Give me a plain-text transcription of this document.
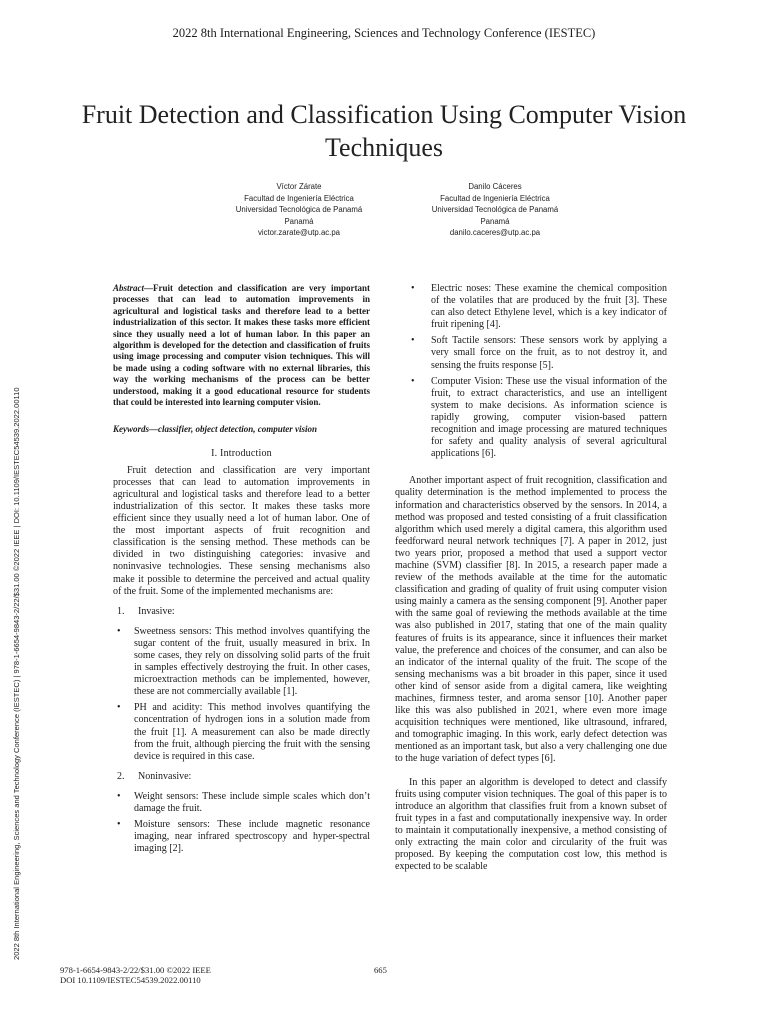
2022 8th International Engineering, Sciences and Technology Conference (IESTEC)
2022 8th International Engineering, Sciences and Technology Conference (IESTEC) | 978-1-6654-9843-2/22/$31.00 ©2022 IEEE | DOI: 10.1109/IESTEC54539.2022.00110
Fruit Detection and Classification Using Computer Vision Techniques
Víctor Zárate
Facultad de Ingeniería Eléctrica
Universidad Tecnológica de Panamá
Panamá
victor.zarate@utp.ac.pa
Danilo Cáceres
Facultad de Ingeniería Eléctrica
Universidad Tecnológica de Panamá
Panamá
danilo.caceres@utp.ac.pa

Abstract—Fruit detection and classification are very important processes that can lead to automation improvements in agricultural and logistical tasks and therefore lead to a better industrialization of this sector. It makes these tasks more efficient since they usually need a lot of human labor. In this paper an algorithm is developed for the detection and classification of fruits using image processing and computer vision techniques. This will be made using a coding software with no external libraries, this way the working mechanisms of the process can be better understood, making it a good educational resource for students that could be interested into learning computer vision.

Keywords—classifier, object detection, computer vision

I. Introduction

Fruit detection and classification are very important processes that can lead to automation improvements in agricultural and logistical tasks and therefore lead to a better industrialization of this sector. It makes these tasks more efficient since they usually need a lot of human labor. One of the most important aspects of fruit recognition and classification is the sensing method. These methods can be divided in two distinguishing categories: invasive and noninvasive technologies. These sensing mechanisms also make it possible to determine the perceived and actual quality of the fruit. Some of the implemented mechanisms are:

1. Invasive:
• Sweetness sensors: This method involves quantifying the sugar content of the fruit, usually measured in brix. In some cases, they rely on dissolving solid parts of the fruit in samples effectively destroying the fruit. In other cases, microextraction methods can be implemented, however, these are not commercially available [1].
• PH and acidity: This method involves quantifying the concentration of hydrogen ions in a solution made from the fruit [1]. A measurement can also be made directly from the fruit, although piercing the fruit with the sensing device is required in this case.
2. Noninvasive:
• Weight sensors: These include simple scales which don’t damage the fruit.
• Moisture sensors: These include magnetic resonance imaging, near infrared spectroscopy and hyper-spectral imaging [2].
• Electric noses: These examine the chemical composition of the volatiles that are produced by the fruit [3]. These can also detect Ethylene level, which is a key indicator of fruit ripening [4].
• Soft Tactile sensors: These sensors work by applying a very small force on the fruit, as to not destroy it, and sensing the fruits response [5].
• Computer Vision: These use the visual information of the fruit, to extract characteristics, and use an intelligent system to make decisions. As information science is rapidly growing, computer vision-based pattern recognition and image processing are matured techniques for safety and quality analysis of several agricultural applications [6].

Another important aspect of fruit recognition, classification and quality determination is the method implemented to process the information and characteristics observed by the sensors. In 2014, a method was proposed and tested consisting of a fruit classification algorithm which used merely a digital camera, this algorithm used feedforward neural network techniques [7]. A paper in 2012, just two years prior, proposed a method that used a support vector machine (SVM) classifier [8]. In 2015, a research paper made a review of the methods available at the time for the automatic classification and grading of quality of fruit using computer vision using mainly a camera as the sensing component [9]. Another paper with the same goal of reviewing the methods available at the time was also published in 2017, stating that one of the main quality features of fruits is its appearance, since it influences their market value, the preference and choices of the consumer, and can also be an indicator of the internal quality of the fruit. The scope of the sensing mechanisms was a bit broader in this paper, since it used other kind of sensor aside from a digital camera, like weighting machines, firmness tester, and aroma sensor [10]. Another paper like this was also published in 2021, where even more image acquisition techniques were mentioned, like ultrasound, infrared, and tomographic imaging. In this work, early defect detection was mentioned as an important task, but also a very challenging one due to the huge variation of defect types [6].

In this paper an algorithm is developed to detect and classify fruits using computer vision techniques. The goal of this paper is to introduce an algorithm that classifies fruit from a known subset of fruit types in a fast and computationally inexpensive way. In order to maintain it computationally inexpensive, a method consisting of only extracting the main color and circularity of the fruit was proposed. By keeping the computation cost low, this method is expected to be scalable

978-1-6654-9843-2/22/$31.00 ©2022 IEEE
DOI 10.1109/IESTEC54539.2022.00110
665
